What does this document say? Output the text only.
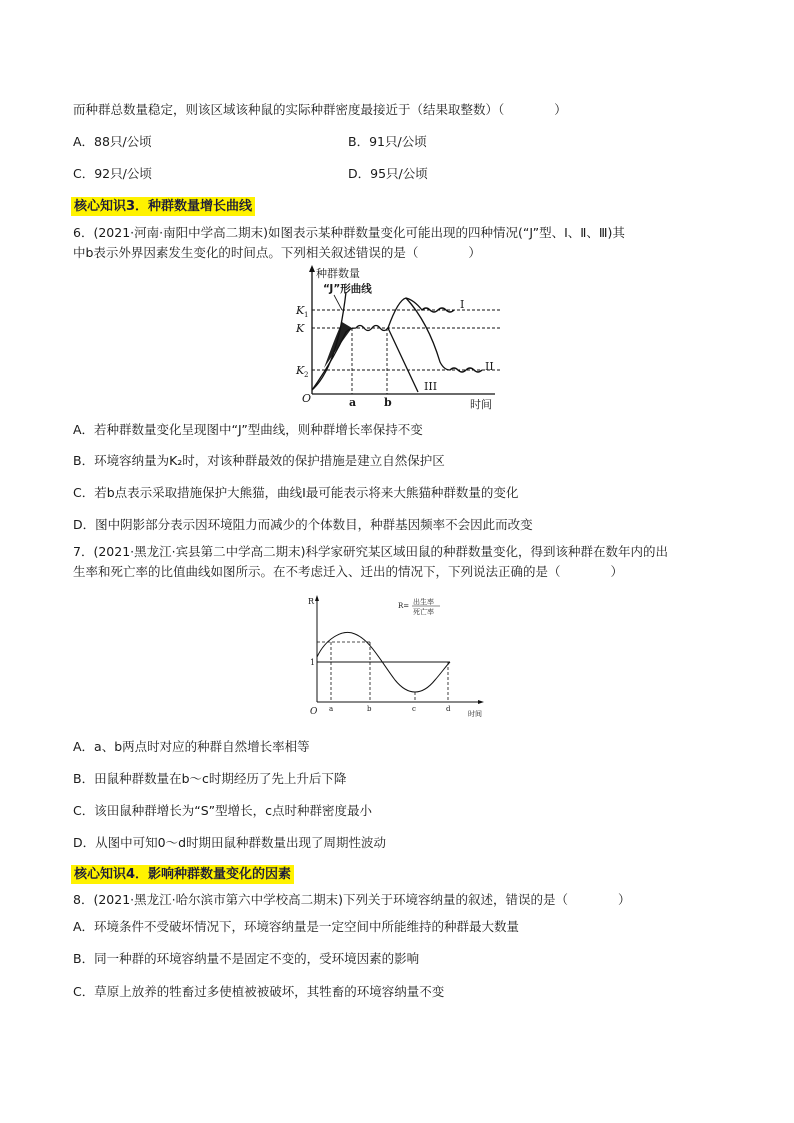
而种群总数量稳定，则该区域该种鼠的实际种群密度最接近于（结果取整数）（　　　　）
A．88只/公顷	B．91只/公顷
C．92只/公顷	D．95只/公顷
核心知识3．种群数量增长曲线
6．(2021·河南·南阳中学高二期末)如图表示某种群数量变化可能出现的四种情况(“J”型、Ⅰ、Ⅱ、Ⅲ)其
中b表示外界因素发生变化的时间点。下列相关叙述错误的是（　　　　）
种群数量
“J”形曲线
K 1
K
K 2
O	a	b	时间
I
II
III
A．若种群数量变化呈现图中“J”型曲线，则种群增长率保持不变
B．环境容纳量为K₂时，对该种群最效的保护措施是建立自然保护区
C．若b点表示采取措施保护大熊猫，曲线Ⅰ最可能表示将来大熊猫种群数量的变化
D．图中阴影部分表示因环境阻力而减少的个体数目，种群基因频率不会因此而改变
7．(2021·黑龙江·宾县第二中学高二期末)科学家研究某区域田鼠的种群数量变化，得到该种群在数年内的出
生率和死亡率的比值曲线如图所示。在不考虑迁入、迁出的情况下，下列说法正确的是（　　　　）
R	R= 出生率
死亡率
1
O a	b	c	d
时间
A．a、b两点时对应的种群自然增长率相等
B．田鼠种群数量在b～c时期经历了先上升后下降
C．该田鼠种群增长为“S”型增长，c点时种群密度最小
D．从图中可知0～d时期田鼠种群数量出现了周期性波动
核心知识4．影响种群数量变化的因素
8．(2021·黑龙江·哈尔滨市第六中学校高二期末)下列关于环境容纳量的叙述，错误的是（　　　　）
A．环境条件不受破坏情况下，环境容纳量是一定空间中所能维持的种群最大数量
B．同一种群的环境容纳量不是固定不变的，受环境因素的影响
C．草原上放养的牲畜过多使植被被破坏，其牲畜的环境容纳量不变
